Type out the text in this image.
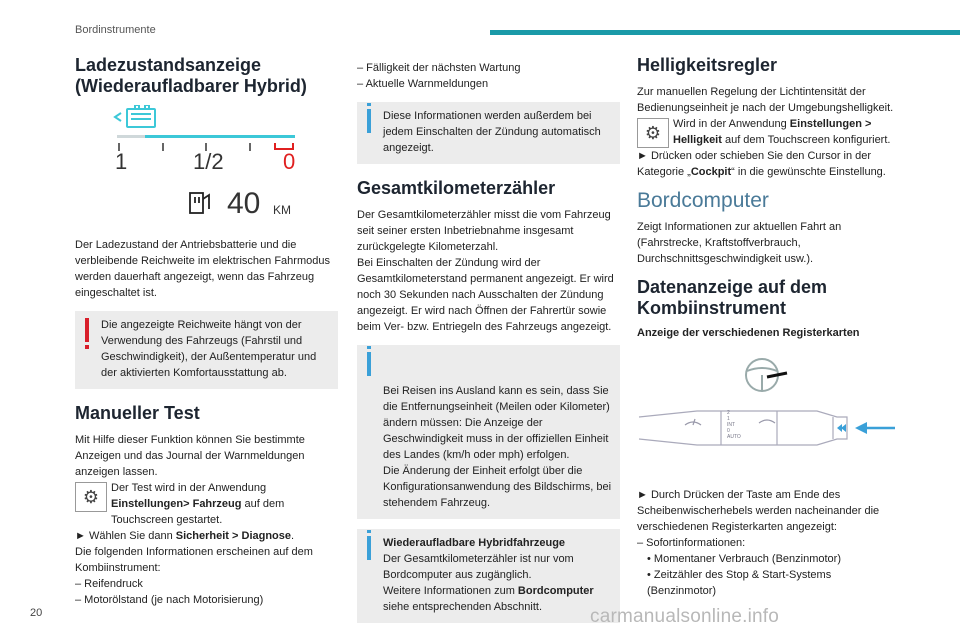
Bordinstrumente
Ladezustandsanzeige (Wiederaufladbarer Hybrid)
1	1/2	0
40 KM

Der Ladezustand der Antriebsbatterie und die verbleibende Reichweite im elektrischen Fahrmodus werden dauerhaft angezeigt, wenn das Fahrzeug eingeschaltet ist.

Die angezeigte Reichweite hängt von der Verwendung des Fahrzeugs (Fahrstil und Geschwindigkeit), der Außentemperatur und der aktivierten Komfortausstattung ab.
Manueller Test

Mit Hilfe dieser Funktion können Sie bestimmte Anzeigen und das Journal der Warnmeldungen anzeigen lassen.

⚙	Der Test wird in der Anwendung Einstellungen> Fahrzeug auf dem Touchscreen gestartet.

► Wählen Sie dann Sicherheit > Diagnose.

Die folgenden Informationen erscheinen auf dem Kombiinstrument:

– Reifendruck

– Motorölstand (je nach Motorisierung)

– Fälligkeit der nächsten Wartung

– Aktuelle Warnmeldungen

Diese Informationen werden außerdem bei jedem Einschalten der Zündung automatisch angezeigt.
Gesamtkilometerzähler

Der Gesamtkilometerzähler misst die vom Fahrzeug seit seiner ersten Inbetriebnahme insgesamt zurückgelegte Kilometerzahl.
Bei Einschalten der Zündung wird der Gesamtkilometerstand permanent angezeigt. Er wird noch 30 Sekunden nach Ausschalten der Zündung angezeigt. Er wird nach Öffnen der Fahrertür sowie beim Ver- bzw. Entriegeln des Fahrzeugs angezeigt.

Bei Reisen ins Ausland kann es sein, dass Sie die Entfernungseinheit (Meilen oder Kilometer) ändern müssen: Die Anzeige der Geschwindigkeit muss in der offiziellen Einheit des Landes (km/h oder mph) erfolgen.
Die Änderung der Einheit erfolgt über die Konfigurationsanwendung des Bildschirms, bei stehendem Fahrzeug.

Wiederaufladbare Hybridfahrzeuge
Der Gesamtkilometerzähler ist nur vom Bordcomputer aus zugänglich.
Weitere Informationen zum Bordcomputer siehe entsprechenden Abschnitt.
Helligkeitsregler

Zur manuellen Regelung der Lichtintensität der Bedienungseinheit je nach der Umgebungshelligkeit.

⚙	Wird in der Anwendung Einstellungen > Helligkeit auf dem Touchscreen konfiguriert.

► Drücken oder schieben Sie den Cursor in der Kategorie „Cockpit“ in die gewünschte Einstellung.

Bordcomputer

Zeigt Informationen zur aktuellen Fahrt an (Fahrstrecke, Kraftstoffverbrauch, Durchschnittsgeschwindigkeit usw.).

Datenanzeige auf dem Kombiinstrument
Anzeige der verschiedenen Registerkarten
2
1
INT
0
AUTO

► Durch Drücken der Taste am Ende des Scheibenwischerhebels werden nacheinander die verschiedenen Registerkarten angezeigt:

– Sofortinformationen:

• Momentaner Verbrauch (Benzinmotor)

• Zeitzähler des Stop & Start-Systems (Benzinmotor)

20	carmanualsonline.info
